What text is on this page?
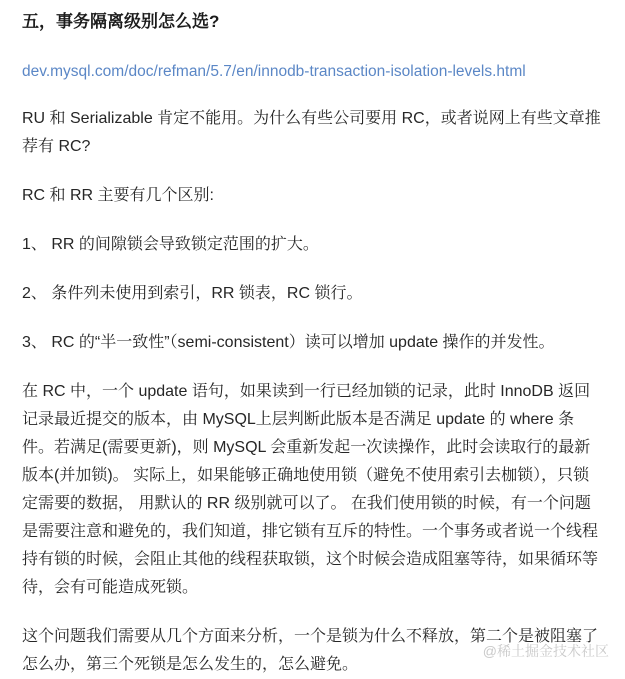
五，事务隔离级别怎么选?
dev.mysql.com/doc/refman/5.7/en/innodb-transaction-isolation-levels.html

RU 和 Serializable 肯定不能用。为什么有些公司要用 RC，或者说网上有些文章推荐有 RC?

RC 和 RR 主要有几个区别:

1、 RR 的间隙锁会导致锁定范围的扩大。

2、 条件列未使用到索引，RR 锁表，RC 锁行。

3、 RC 的“半一致性”（semi-consistent）读可以增加 update 操作的并发性。

在 RC 中，一个 update 语句，如果读到一行已经加锁的记录，此时 InnoDB 返回记录最近提交的版本，由 MySQL上层判断此版本是否满足 update 的 where 条件。若满足(需要更新)，则 MySQL 会重新发起一次读操作，此时会读取行的最新版本(并加锁)。 实际上，如果能够正确地使用锁（避免不使用索引去枷锁），只锁定需要的数据， 用默认的 RR 级别就可以了。 在我们使用锁的时候，有一个问题是需要注意和避免的，我们知道，排它锁有互斥的特性。一个事务或者说一个线程持有锁的时候，会阻止其他的线程获取锁，这个时候会造成阻塞等待，如果循环等待，会有可能造成死锁。

这个问题我们需要从几个方面来分析，一个是锁为什么不释放，第二个是被阻塞了怎么办，第三个死锁是怎么发生的，怎么避免。

@稀土掘金技术社区
